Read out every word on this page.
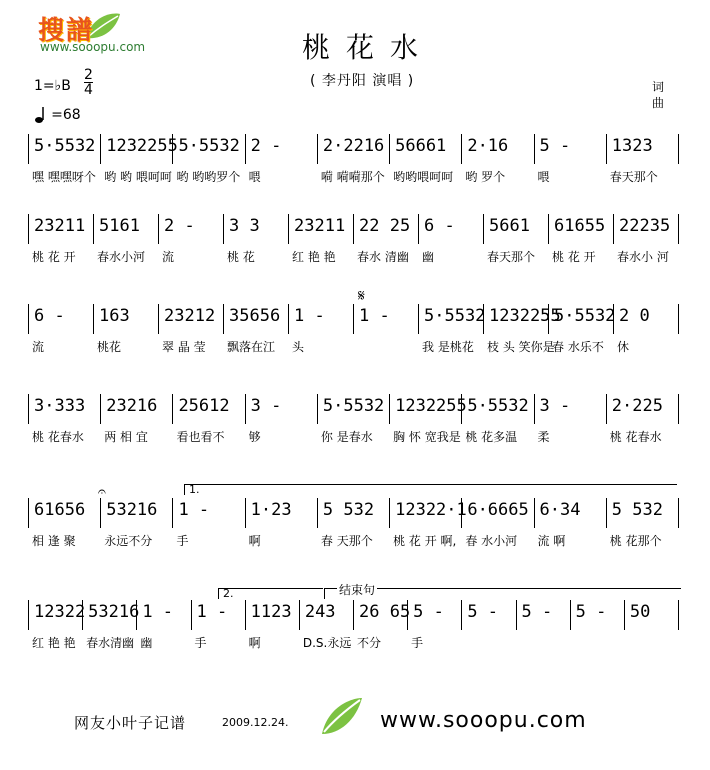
搜譜
www.sooopu.com	桃花水
( 李丹阳 演唱 )	词
曲
1=♭B
2
4
=68
5·5532
嘿 嘿嘿呀个
1232255
哟 哟 喂呵呵
5·5532
哟 哟哟罗个
2 -
喂
2·2216
嗬 嗬嗬那个
56661
哟哟喂呵呵
2·16
哟 罗个
5 -
喂
1323
春天那个
23211
桃 花 开
5161
春水小河
2 -
流
3 3
桃 花
23211
红 艳 艳
22 25
春水 清幽
6 -
幽
5661
春天那个
61655
桃 花 开
22235
春水小 河
6 -
流
163
桃花
23212
翠 晶 莹
35656
飘落在江
1 -
头
1 - 5·5532
我 是桃花
1232255
枝 头 笑你是
5·5532
春 水乐不
2 0
休
3·333
桃 花春水
23216
两 相 宜
25612
看也看不
3 -
够
5·5532
你 是春水
1232255
胸 怀 宽我是
5·5532
桃 花多温
3 -
柔
2·225
桃 花春水
61656
相 逢 聚
53216
永远不分
1 -
手
1·23
啊
5 532
春 天那个
12322·1
桃 花 开 啊,
6·6665
春 水小河
6·34
流 啊
5 532
桃 花那个
12322
红 艳 艳
53216
春水清幽
1 -
幽
1 -
手
1123
啊
243
D.S.永远
26 65
不分
5 -
手
5 - 5 - 5 - 50
𝄋
𝄐	1.
2.	结束句
网友小叶子记谱	2009.12.24.	www.sooopu.com
